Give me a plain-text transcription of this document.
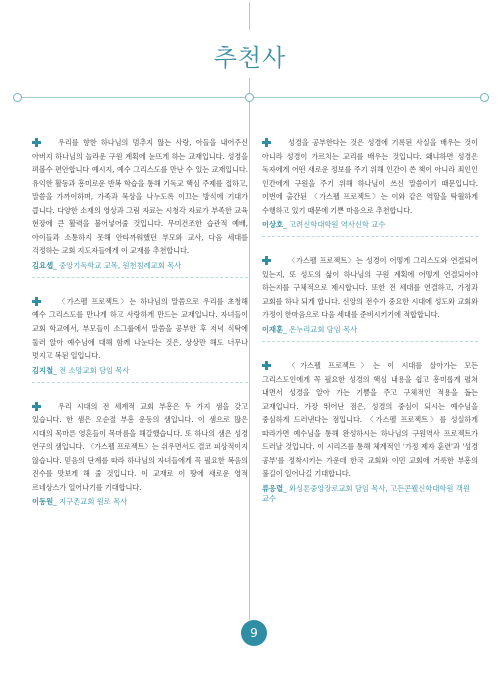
추천사

우리를 향한 하나님의 멈추지 않는 사랑, 아들을 내어주신 아버지 하나님의 놀라운 구원 계획에 눈뜨게 하는 교재입니다. 성경을 펴볼수 편안합니다 예시지, 예수 그리스도를 만난 수 있는 교재입니다. 유익한 활동과 흥미로운 반복 학습을 통해 기독교 핵심 주제를 접하고, 말씀을 가까이하며, 가족과 묵상을 나누도록 이끄는 방식에 기대가 큽니다. 다양한 소재의 영상과 그림 자료는 시청각 자료가 부족한 교육 현장에 큰 활력을 불어넣어줄 것입니다. 무미건조한 습관적 예배, 아이들과 소통하지 못해 안타까워했던 부모와 교사, 다음 세대를 걱정하는 교회 지도자들에게 이 교재를 추천합니다.

김요셉_ 중앙기독학교 교목, 원천침례교회 목사

〈가스펠 프로젝트〉는 하나님의 말씀으로 우리를 초청해 예수 그리스도를 만나게 하고 사랑하게 만드는 교재입니다. 자녀들이 교회 학교에서, 부모들이 소그룹에서 말씀을 공부한 후 저녁 식탁에 둘러 앉아 예수님에 대해 함께 나눈다는 것은, 상상만 해도 너무나 멋지고 복된 일입니다.

김지철_ 전 소망교회 담임 목사

우리 시대의 전 세계적 교회 부흥은 두 가지 샘을 갖고 있습니다. 한 샘은 오순절 부흥 운동의 샘입니다. 이 샘으로 많은 시대의 목마른 영혼들이 목마름을 해갈했습니다. 또 하나의 샘은 성경 연구의 샘입니다. 〈가스펠 프로젝트〉는 쉬우면서도 결코 피상적이지 않습니다. 믿음의 단계를 따라 하나님의 자녀들에게 꼭 필요한 복음의 진수를 맛보게 해 줄 것입니다. 이 교재로 이 땅에 새로운 영적 르네상스가 일어나기를 기대합니다.

이동원_ 지구촌교회 원로 목사

성경을 공부한다는 것은 성경에 기록된 사실을 배우는 것이 아니라 성경이 가르치는 교리를 배우는 것입니다. 왜냐하면 성경은 독자에게 어떤 새로운 정보를 주기 위해 인간이 쓴 책이 아니라 죄인인 인간에게 구원을 주기 위해 하나님이 쓰신 말씀이기 때문입니다. 이번에 출간된 〈가스펠 프로젝트〉는 이와 같은 역할을 탁월하게 수행하고 있기 때문에 기쁜 마음으로 추천합니다.

이상호_ 고려신학대학원 역사신학 교수

〈가스펠 프로젝트〉는 성경이 어떻게 그리스도와 연결되어 있는지, 또 성도의 삶이 하나님의 구원 계획에 어떻게 연결되어야 하는지를 구체적으로 제시합니다. 또한 전 세대를 연결하고, 가정과 교회를 하나 되게 합니다. 신앙의 전수가 중요한 시대에 성도와 교회와 가정이 한마음으로 다음 세대를 준비시키기에 적합합니다.

이재훈_ 온누리교회 담임 목사

〈가스펠 프로젝트〉는 이 시대를 살아가는 모든 그리스도인에게 꼭 필요한 성경의 핵심 내용을 쉽고 흥미롭게 펼쳐 내면서 성경을 알아 가는 기쁨을 주고 구체적인 적용을 돕는 교재입니다. 가장 뛰어난 점은, 성경의 중심이 되시는 예수님을 중심하게 드러낸다는 점입니다. 〈가스펠 프로젝트〉를 성실하게 따라가면 예수님을 통해 완성하시는 하나님의 구원역사 프로젝트가 드러날 것입니다. 이 시리즈를 통해 체계적인 '가정 제자 훈련'과 '성경 공부'를 정착시키는 가운데 한국 교회와 이민 교회에 거룩한 부흥의 불길이 일어나길 기대합니다.

류응렬_ 와싱톤중앙장로교회 담임 목사, 고든콘웰신학대학원 객원 교수
9
